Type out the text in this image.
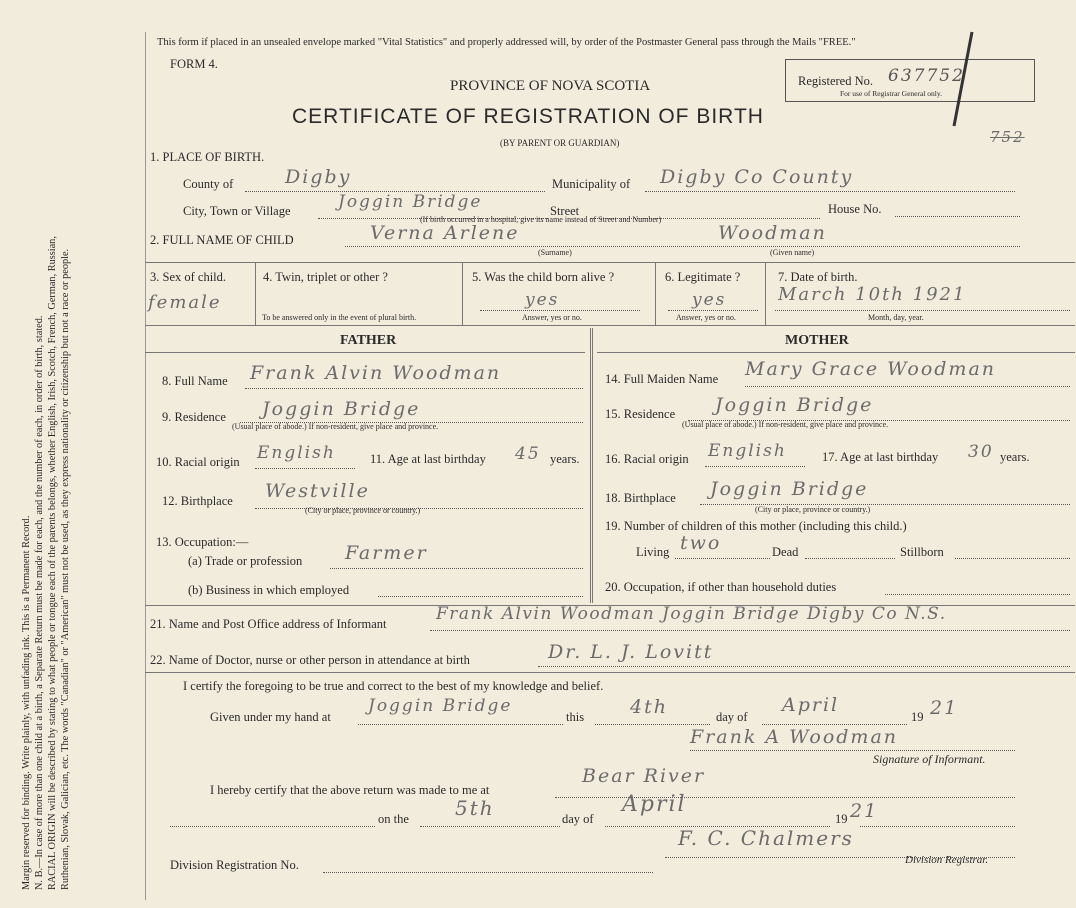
Margin reserved for binding. Write plainly, with unfading ink. This is a Permanent Record. N. B.—In case of more than one child at a birth, a Separate Return must be made for each, and the number of each, in order of birth, stated. RACIAL ORIGIN will be described by stating to what people or tongue each of the parents belongs, whether English, Irish, Scotch, French, German, Russian, Ruthenian, Slovak, Galician, etc. The words "Canadian" or "American" must not be used, as they express nationality or citizenship but not a race or people.
This form if placed in an unsealed envelope marked "Vital Statistics" and properly addressed will, by order of the Postmaster General pass through the Mails "FREE."
FORM 4.
PROVINCE OF NOVA SCOTIA
CERTIFICATE OF REGISTRATION OF BIRTH
(BY PARENT OR GUARDIAN)
Registered No. 637752
For use of Registrar General only.
752
1. PLACE OF BIRTH.
County of	Digby	Municipality of Digby Co County
City, Town or Village	Joggin Bridge	Street	House No.
(If birth occurred in a hospital, give its name instead of Street and Number)
2. FULL NAME OF CHILD	Verna Arlene	Woodman
(Surname)	(Given name)
3. Sex of child.
female
4. Twin, triplet or other ?
To be answered only in the event of plural birth.
5. Was the child born alive ?
yes
Answer, yes or no.
6. Legitimate ?
yes
Answer, yes or no.
7. Date of birth.
March 10th 1921
Month, day, year.
FATHER	MOTHER
8. Full Name Frank Alvin Woodman
9. Residence Joggin Bridge
(Usual place of abode.) If non-resident, give place and province.
10. Racial origin English	11. Age at last birthday 45 years.
12. Birthplace Westville
(City or place, province or country.)
13. Occupation:—
(a) Trade or profession Farmer
(b) Business in which employed
14. Full Maiden Name Mary Grace Woodman
15. Residence Joggin Bridge
(Usual place of abode.) If non-resident, give place and province.
16. Racial origin English	17. Age at last birthday 30 years.
18. Birthplace Joggin Bridge
(City or place, province or country.)
19. Number of children of this mother (including this child.)
Living two	Dead	Stillborn
20. Occupation, if other than household duties
21. Name and Post Office address of Informant	Frank Alvin Woodman Joggin Bridge Digby Co N.S.
22. Name of Doctor, nurse or other person in attendance at birth	Dr. L. J. Lovitt
I certify the foregoing to be true and correct to the best of my knowledge and belief.
Given under my hand at
Joggin Bridge
this 4th	day of
April
19 21
Frank A Woodman
Signature of Informant.
I hereby certify that the above return was made to me at
Bear River
on the 5th	day of
April
19 21
F. C. Chalmers
Division Registrar.
Division Registration No.
